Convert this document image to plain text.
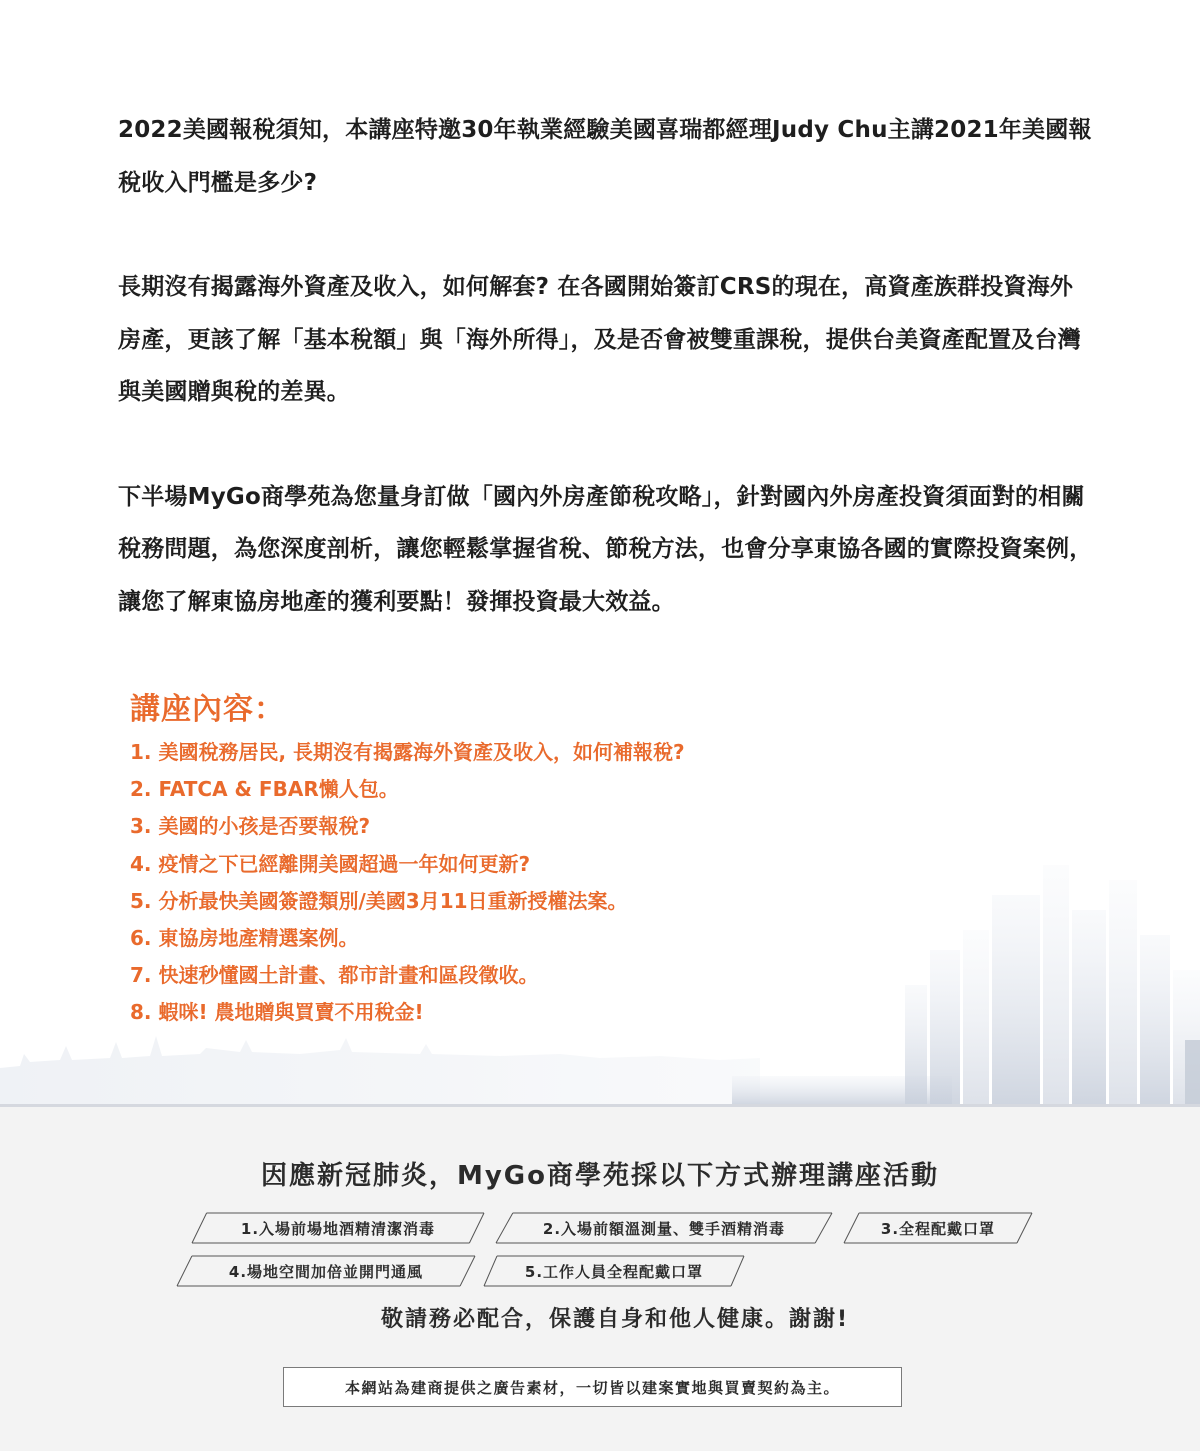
2022美國報稅須知，本講座特邀30年執業經驗美國喜瑞都經理Judy Chu主講2021年美國報稅收入門檻是多少?

長期沒有揭露海外資產及收入，如何解套? 在各國開始簽訂CRS的現在，高資產族群投資海外房產，更該了解「基本稅額」與「海外所得」，及是否會被雙重課稅，提供台美資產配置及台灣與美國贈與稅的差異。

下半場MyGo商學苑為您量身訂做「國內外房產節稅攻略」，針對國內外房產投資須面對的相關稅務問題，為您深度剖析，讓您輕鬆掌握省稅、節稅方法，也會分享東協各國的實際投資案例，讓您了解東協房地產的獲利要點！發揮投資最大效益。

講座內容：
1. 美國稅務居民, 長期沒有揭露海外資產及收入，如何補報稅?
2. FATCA & FBAR懶人包。
3. 美國的小孩是否要報稅?
4. 疫情之下已經離開美國超過一年如何更新?
5. 分析最快美國簽證類別/美國3月11日重新授權法案。
6. 東協房地產精選案例。
7. 快速秒懂國土計畫、都市計畫和區段徵收。
8. 蝦咪! 農地贈與買賣不用稅金!
因應新冠肺炎，MyGo商學苑採以下方式辦理講座活動
1.入場前場地酒精清潔消毒	2.入場前額溫測量、雙手酒精消毒	3.全程配戴口罩
4.場地空間加倍並開門通風	5.工作人員全程配戴口罩

敬請務必配合，保護自身和他人健康。謝謝!

本網站為建商提供之廣告素材，一切皆以建案實地與買賣契約為主。
